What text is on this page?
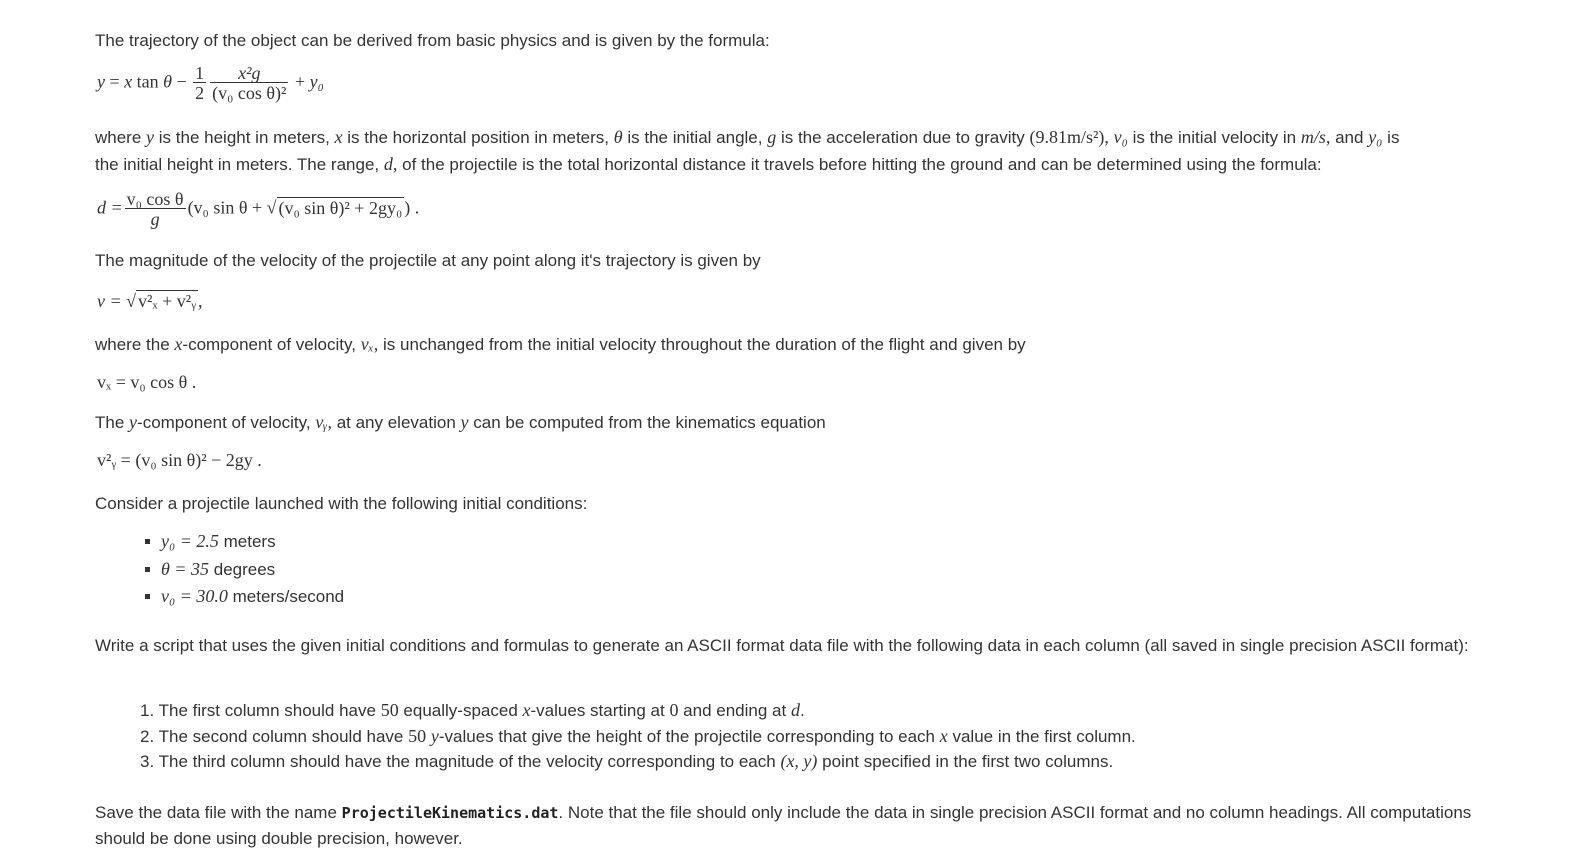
The trajectory of the object can be derived from basic physics and is given by the formula:
y = x $\tan \theta - \frac{1}{2} \frac{\text{x²g}}{\text{(v₀ cos θ)²}} + y_0$
where y is the height in meters, x is the horizontal position in meters, θ is the initial angle, g is the acceleration due to gravity (9.81m/s²), v₀ is the initial velocity in m/s, and y₀ is
the initial height in meters. The range, d, of the projectile is the total horizontal distance it travels before hitting the ground and can be determined using the formula:
$d = \frac{\text{v₀ cos θ}}{g} (v_0$ sin θ + √ (v₀ sin θ)² + 2gy₀ ) .
The magnitude of the velocity of the projectile at any point along it's trajectory is given by
v = √ v²ₓ + v²ᵧ ,
where the x-component of velocity, vₓ, is unchanged from the initial velocity throughout the duration of the flight and given by
vₓ = v₀ cos θ .
The y-component of velocity, vᵧ, at any elevation y can be computed from the kinematics equation
v²ᵧ = (v₀ sin θ)² − 2gy .
Consider a projectile launched with the following initial conditions:
y₀ = 2.5 meters
θ = 35 degrees
v₀ = 30.0 meters/second
Write a script that uses the given initial conditions and formulas to generate an ASCII format data file with the following data in each column (all saved in single precision ASCII format):
1. The first column should have 50 equally-spaced x-values starting at 0 and ending at d.
2. The second column should have 50 y-values that give the height of the projectile corresponding to each x value in the first column.
3. The third column should have the magnitude of the velocity corresponding to each (x, y) point specified in the first two columns.
Save the data file with the name ProjectileKinematics.dat. Note that the file should only include the data in single precision ASCII format and no column headings. All computations should be done using double precision, however.
